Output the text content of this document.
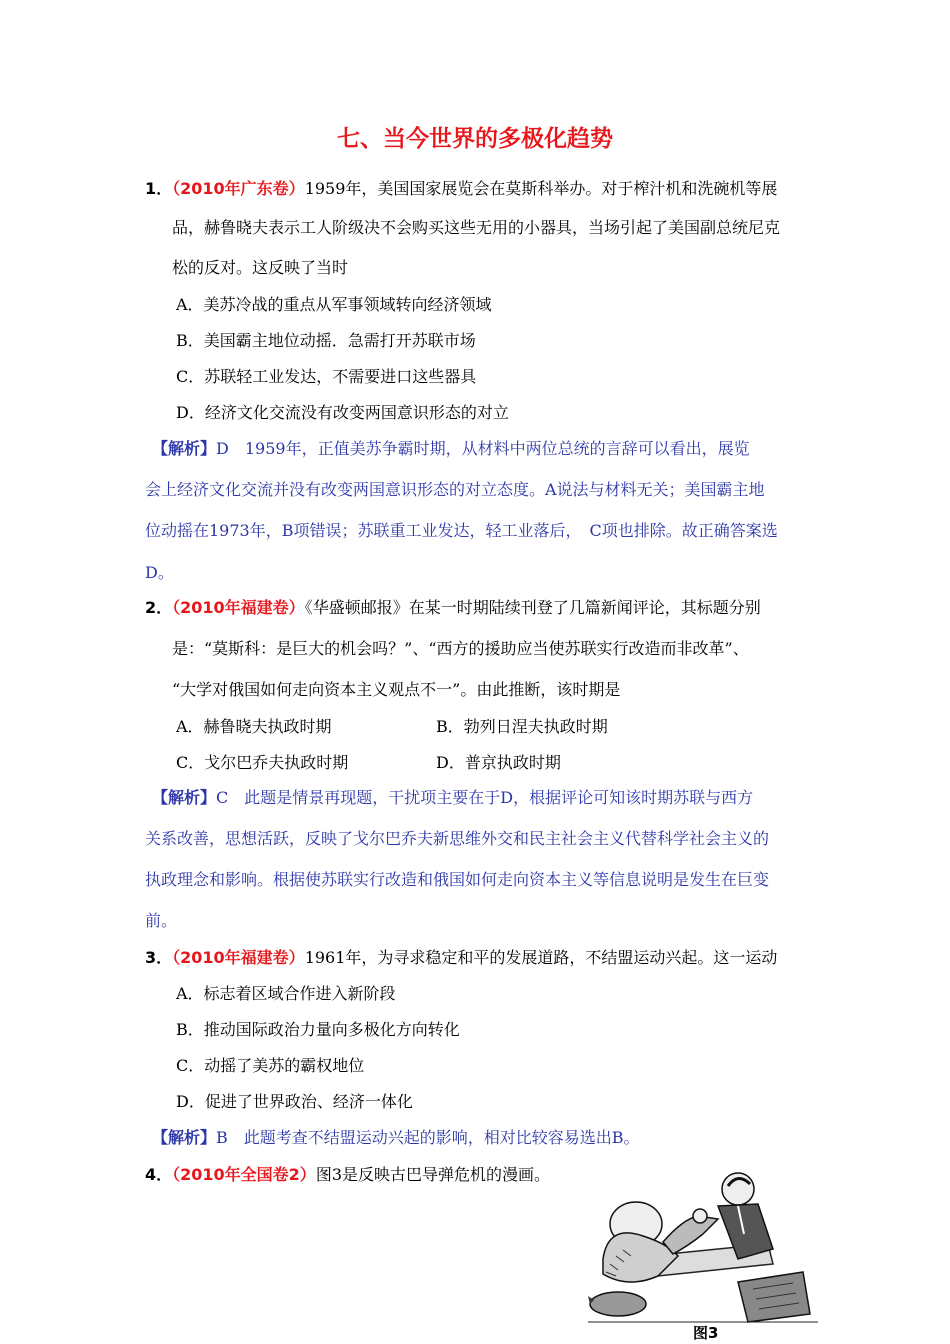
七、当今世界的多极化趋势
1．（2010年广东卷）1959年，美国国家展览会在莫斯科举办。对于榨汁机和洗碗机等展
品，赫鲁晓夫表示工人阶级决不会购买这些无用的小器具，当场引起了美国副总统尼克
松的反对。这反映了当时
A．美苏冷战的重点从军事领域转向经济领域
B．美国霸主地位动摇．急需打开苏联市场
C．苏联轻工业发达，不需要进口这些器具
D．经济文化交流没有改变两国意识形态的对立
【解析】D　1959年，正值美苏争霸时期，从材料中两位总统的言辞可以看出，展览
会上经济文化交流并没有改变两国意识形态的对立态度。A说法与材料无关；美国霸主地
位动摇在1973年，B项错误；苏联重工业发达，轻工业落后，　C项也排除。故正确答案选
D。
2．（2010年福建卷）《华盛顿邮报》在某一时期陆续刊登了几篇新闻评论，其标题分别
是：“莫斯科：是巨大的机会吗？”、“西方的援助应当使苏联实行改造而非改革”、
“大学对俄国如何走向资本主义观点不一”。由此推断，该时期是
A．赫鲁晓夫执政时期	B．勃列日涅夫执政时期
C．戈尔巴乔夫执政时期	D．普京执政时期
【解析】C　此题是情景再现题，干扰项主要在于D，根据评论可知该时期苏联与西方
关系改善，思想活跃，反映了戈尔巴乔夫新思维外交和民主社会主义代替科学社会主义的
执政理念和影响。根据使苏联实行改造和俄国如何走向资本主义等信息说明是发生在巨变
前。
3．（2010年福建卷）1961年，为寻求稳定和平的发展道路，不结盟运动兴起。这一运动
A．标志着区域合作进入新阶段
B．推动国际政治力量向多极化方向转化
C．动摇了美苏的霸权地位
D．促进了世界政治、经济一体化
【解析】B　此题考查不结盟运动兴起的影响，相对比较容易选出B。
4．（2010年全国卷2）图3是反映古巴导弹危机的漫画。
图3
